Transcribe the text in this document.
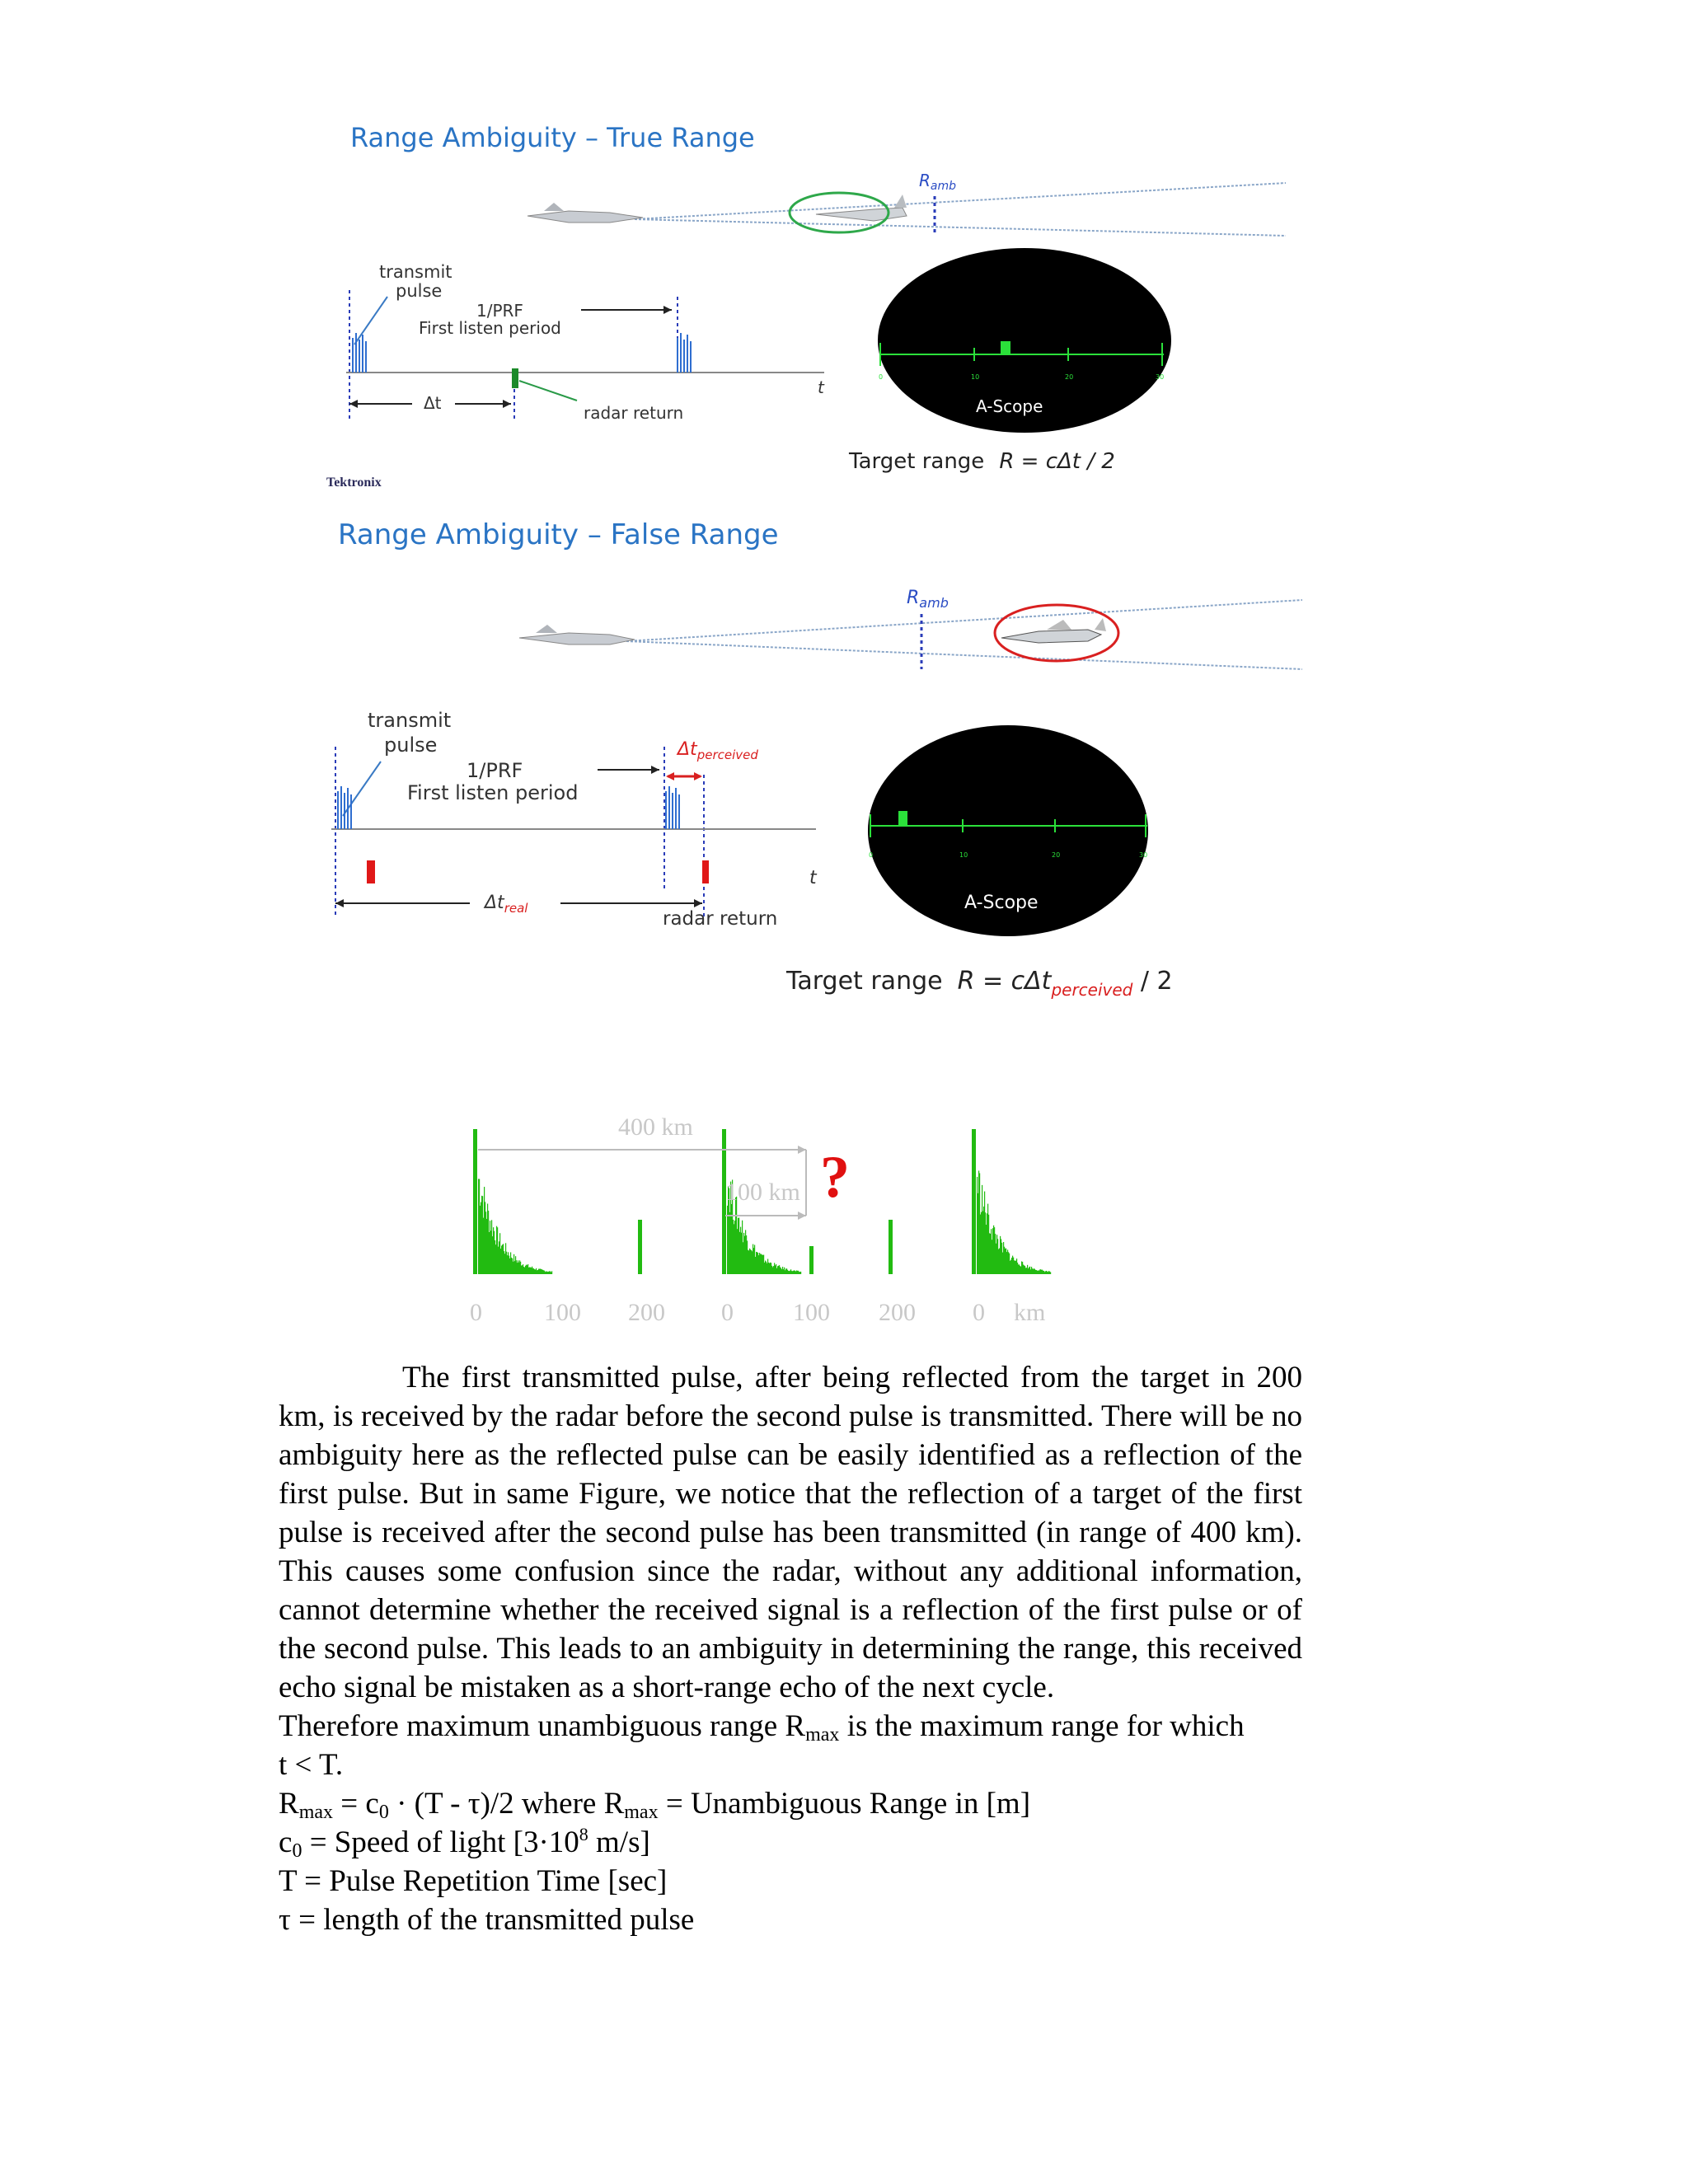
Range Ambiguity – True Range
$R_{amb}$
transmit
pulse
1/PRF
First listen period
t
radar return
Δt
0	10	20	30
A-Scope
Target range R = cΔt / 2
Tektronix
Range Ambiguity – False Range
$R_{amb}$
transmit
pulse
1/PRF
First listen period
$\Delta t_{perceived}$
t
$\Delta t_{real}$	radar return
0	10	20	30
A-Scope
Target range R = cΔt$_{perceived}$ / 2
400 km
100 km ?
0	100 200 0 100 200 0 km

The first transmitted pulse, after being reflected from the target in 200 km, is received by the radar before the second pulse is transmitted. There will be no ambiguity here as the reflected pulse can be easily identified as a reflection of the first pulse. But in same Figure, we notice that the reflection of a target of the first pulse is received after the second pulse has been transmitted (in range of 400 km). This causes some confusion since the radar, without any additional information, cannot determine whether the received signal is a reflection of the first pulse or of the second pulse. This leads to an ambiguity in determining the range, this received echo signal be mistaken as a short-range echo of the next cycle.

Therefore maximum unambiguous range $R_{max}$ is the maximum range for which
t < T.
$R_{max} = c_0 \cdot (T - \tau)/2$ where $R_{max}$ = Unambiguous Range in [m]
$c_0$ = Speed of light [$3\cdot 10^8$ m/s]
T = Pulse Repetition Time [sec]
τ = length of the transmitted pulse
